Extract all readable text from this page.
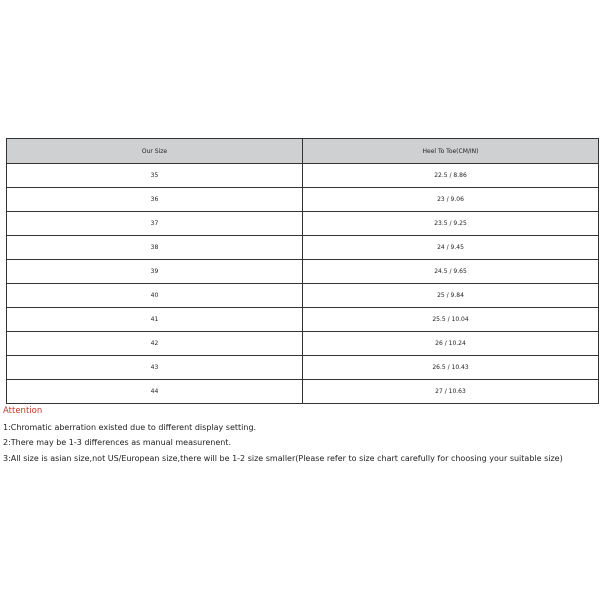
Our Size	Heel To Toe(CM/IN)
35	22.5 / 8.86
36	23 / 9.06
37	23.5 / 9.25
38	24 / 9.45
39	24.5 / 9.65
40	25 / 9.84
41	25.5 / 10.04
42	26 / 10.24
43	26.5 / 10.43
44	27 / 10.63

Attention

1:Chromatic aberration existed due to different display setting.

2:There may be 1-3 differences as manual measurenent.

3:All size is asian size,not US/European size,there will be 1-2 size smaller(Please refer to size chart carefully for choosing your suitable size)
